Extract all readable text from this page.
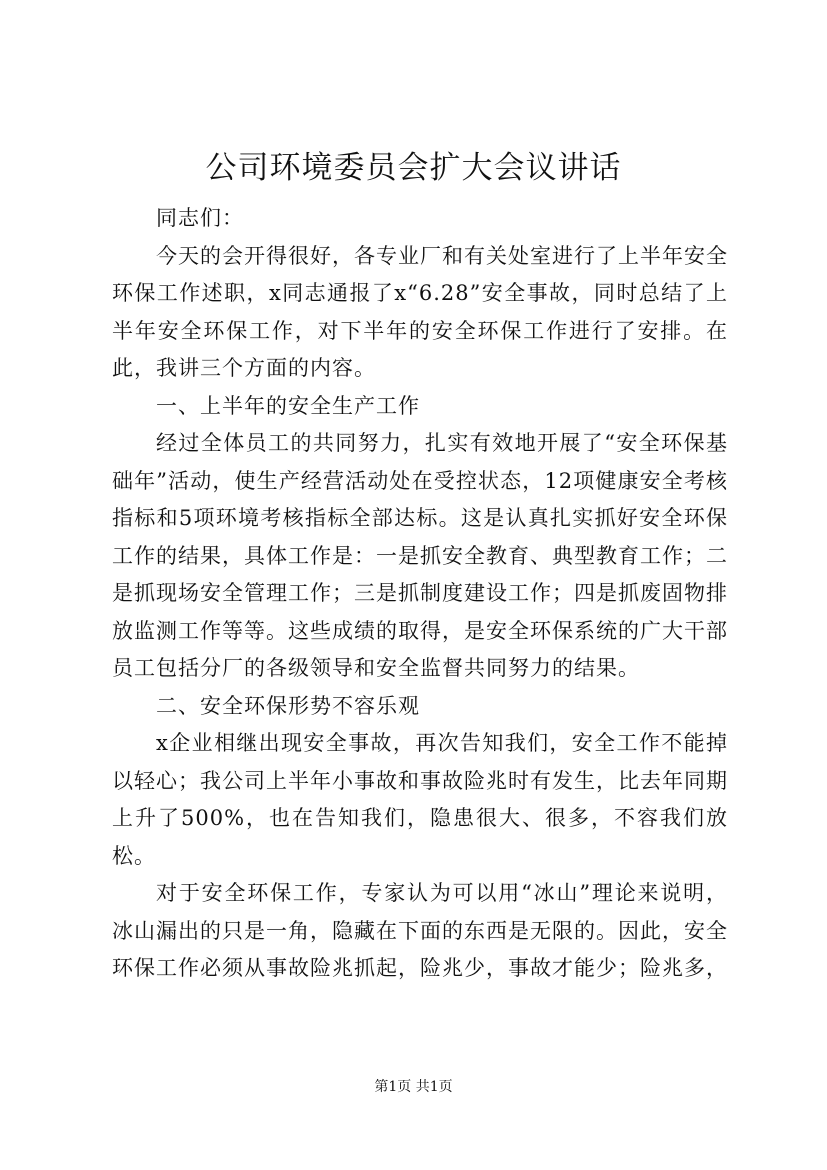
公司环境委员会扩大会议讲话

同志们：

今天的会开得很好，各专业厂和有关处室进行了上半年安全环保工作述职，x同志通报了x“6.28”安全事故，同时总结了上半年安全环保工作，对下半年的安全环保工作进行了安排。在此，我讲三个方面的内容。

一、上半年的安全生产工作

经过全体员工的共同努力，扎实有效地开展了“安全环保基础年”活动，使生产经营活动处在受控状态，12项健康安全考核指标和5项环境考核指标全部达标。这是认真扎实抓好安全环保工作的结果，具体工作是：一是抓安全教育、典型教育工作；二是抓现场安全管理工作；三是抓制度建设工作；四是抓废固物排放监测工作等等。这些成绩的取得，是安全环保系统的广大干部员工包括分厂的各级领导和安全监督共同努力的结果。

二、安全环保形势不容乐观

x企业相继出现安全事故，再次告知我们，安全工作不能掉以轻心；我公司上半年小事故和事故险兆时有发生，比去年同期上升了500%，也在告知我们，隐患很大、很多，不容我们放松。

对于安全环保工作，专家认为可以用“冰山”理论来说明，冰山漏出的只是一角，隐藏在下面的东西是无限的。因此，安全环保工作必须从事故险兆抓起，险兆少，事故才能少；险兆多，

第1页 共1页
